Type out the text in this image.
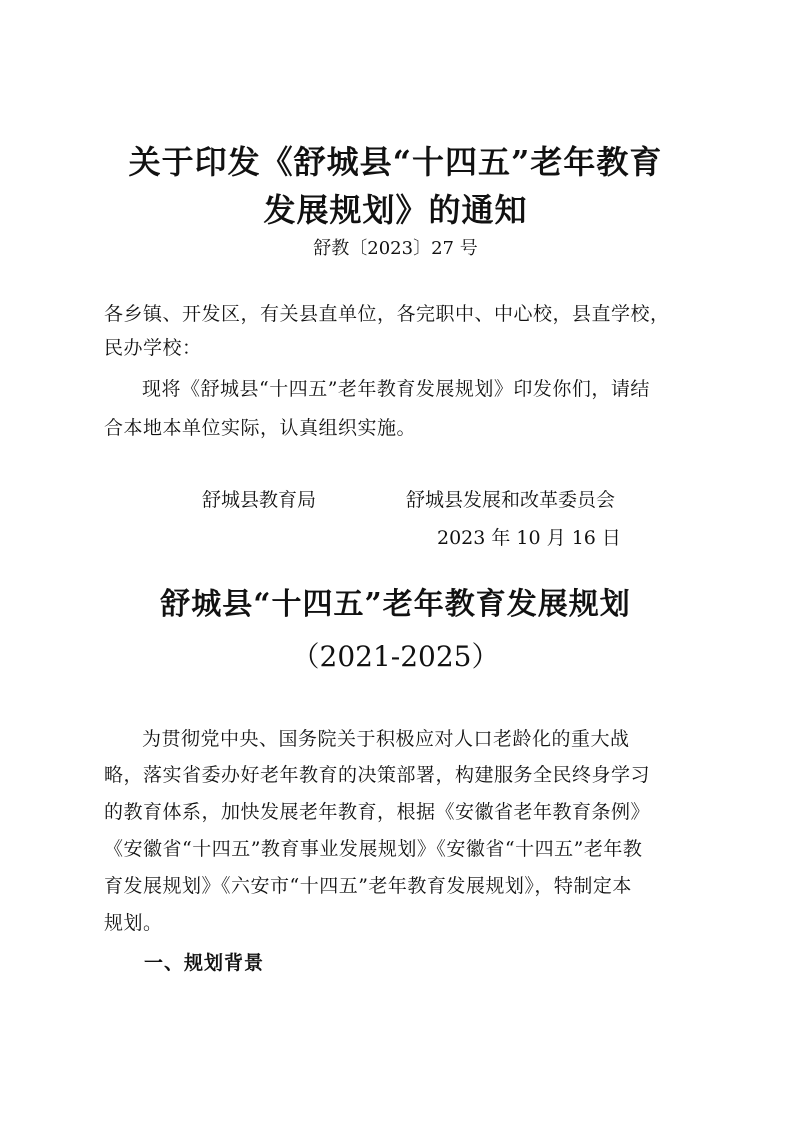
关于印发《舒城县“十四五”老年教育
发展规划》的通知
舒教〔2023〕27 号
各乡镇、开发区，有关县直单位，各完职中、中心校，县直学校，
民办学校：
现将《舒城县“十四五”老年教育发展规划》印发你们，请结
合本地本单位实际，认真组织实施。
舒城县教育局	舒城县发展和改革委员会
2023 年 10 月 16 日
舒城县“十四五”老年教育发展规划
（2021-2025）
为贯彻党中央、国务院关于积极应对人口老龄化的重大战
略，落实省委办好老年教育的决策部署，构建服务全民终身学习
的教育体系，加快发展老年教育，根据《安徽省老年教育条例》
《安徽省“十四五”教育事业发展规划》《安徽省“十四五”老年教
育发展规划》《六安市“十四五”老年教育发展规划》，特制定本
规划。
一、规划背景
